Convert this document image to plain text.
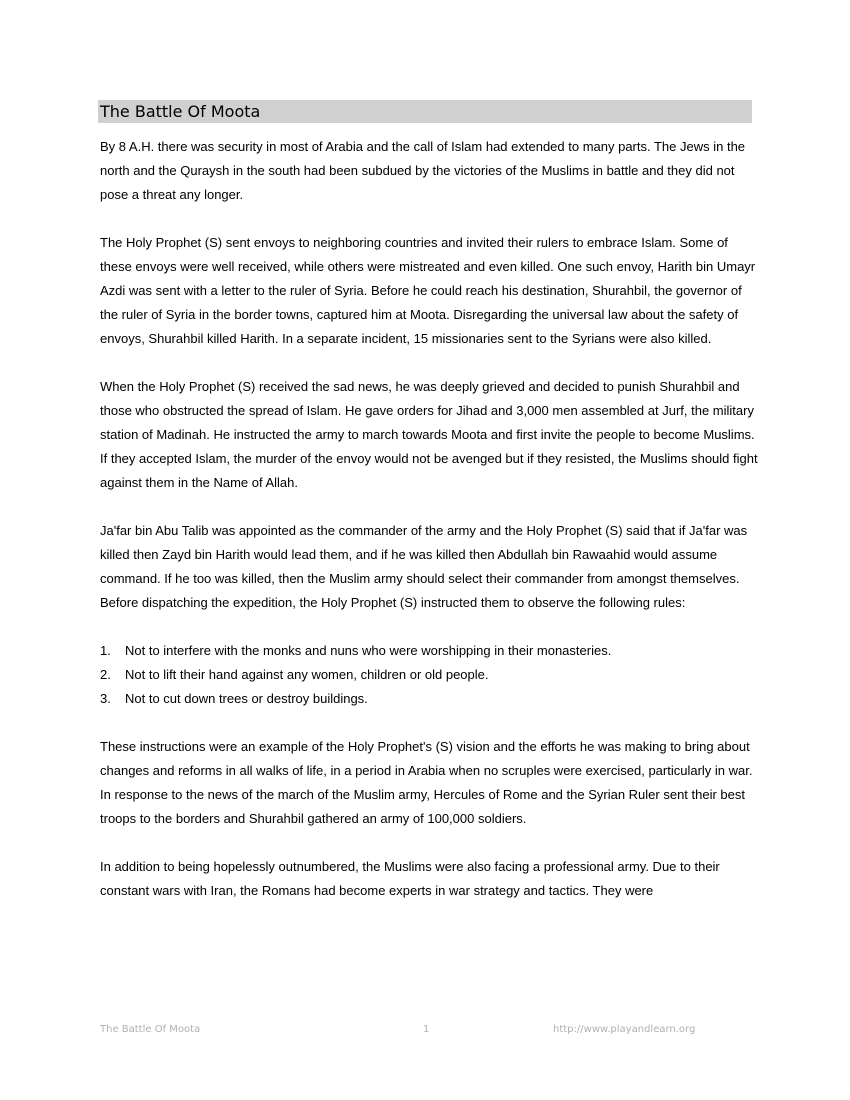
The Battle Of Moota

By 8 A.H. there was security in most of Arabia and the call of Islam had extended to many parts. The Jews in the north and the Quraysh in the south had been subdued by the victories of the Muslims in battle and they did not pose a threat any longer.

The Holy Prophet (S) sent envoys to neighboring countries and invited their rulers to embrace Islam. Some of these envoys were well received, while others were mistreated and even killed. One such envoy, Harith bin Umayr Azdi was sent with a letter to the ruler of Syria. Before he could reach his destination, Shurahbil, the governor of the ruler of Syria in the border towns, captured him at Moota. Disregarding the universal law about the safety of envoys, Shurahbil killed Harith. In a separate incident, 15 missionaries sent to the Syrians were also killed.

When the Holy Prophet (S) received the sad news, he was deeply grieved and decided to punish Shurahbil and those who obstructed the spread of Islam. He gave orders for Jihad and 3,000 men assembled at Jurf, the military station of Madinah. He instructed the army to march towards Moota and first invite the people to become Muslims. If they accepted Islam, the murder of the envoy would not be avenged but if they resisted, the Muslims should fight against them in the Name of Allah.

Ja'far bin Abu Talib was appointed as the commander of the army and the Holy Prophet (S) said that if Ja'far was killed then Zayd bin Harith would lead them, and if he was killed then Abdullah bin Rawaahid would assume command. If he too was killed, then the Muslim army should select their commander from amongst themselves. Before dispatching the expedition, the Holy Prophet (S) instructed them to observe the following rules:

1.	Not to interfere with the monks and nuns who were worshipping in their monasteries.
2.	Not to lift their hand against any women, children or old people.
3.	Not to cut down trees or destroy buildings.

These instructions were an example of the Holy Prophet's (S) vision and the efforts he was making to bring about changes and reforms in all walks of life, in a period in Arabia when no scruples were exercised, particularly in war. In response to the news of the march of the Muslim army, Hercules of Rome and the Syrian Ruler sent their best troops to the borders and Shurahbil gathered an army of 100,000 soldiers.

In addition to being hopelessly outnumbered, the Muslims were also facing a professional army. Due to their constant wars with Iran, the Romans had become experts in war strategy and tactics. They were

The Battle Of Moota	1	http://www.playandlearn.org
